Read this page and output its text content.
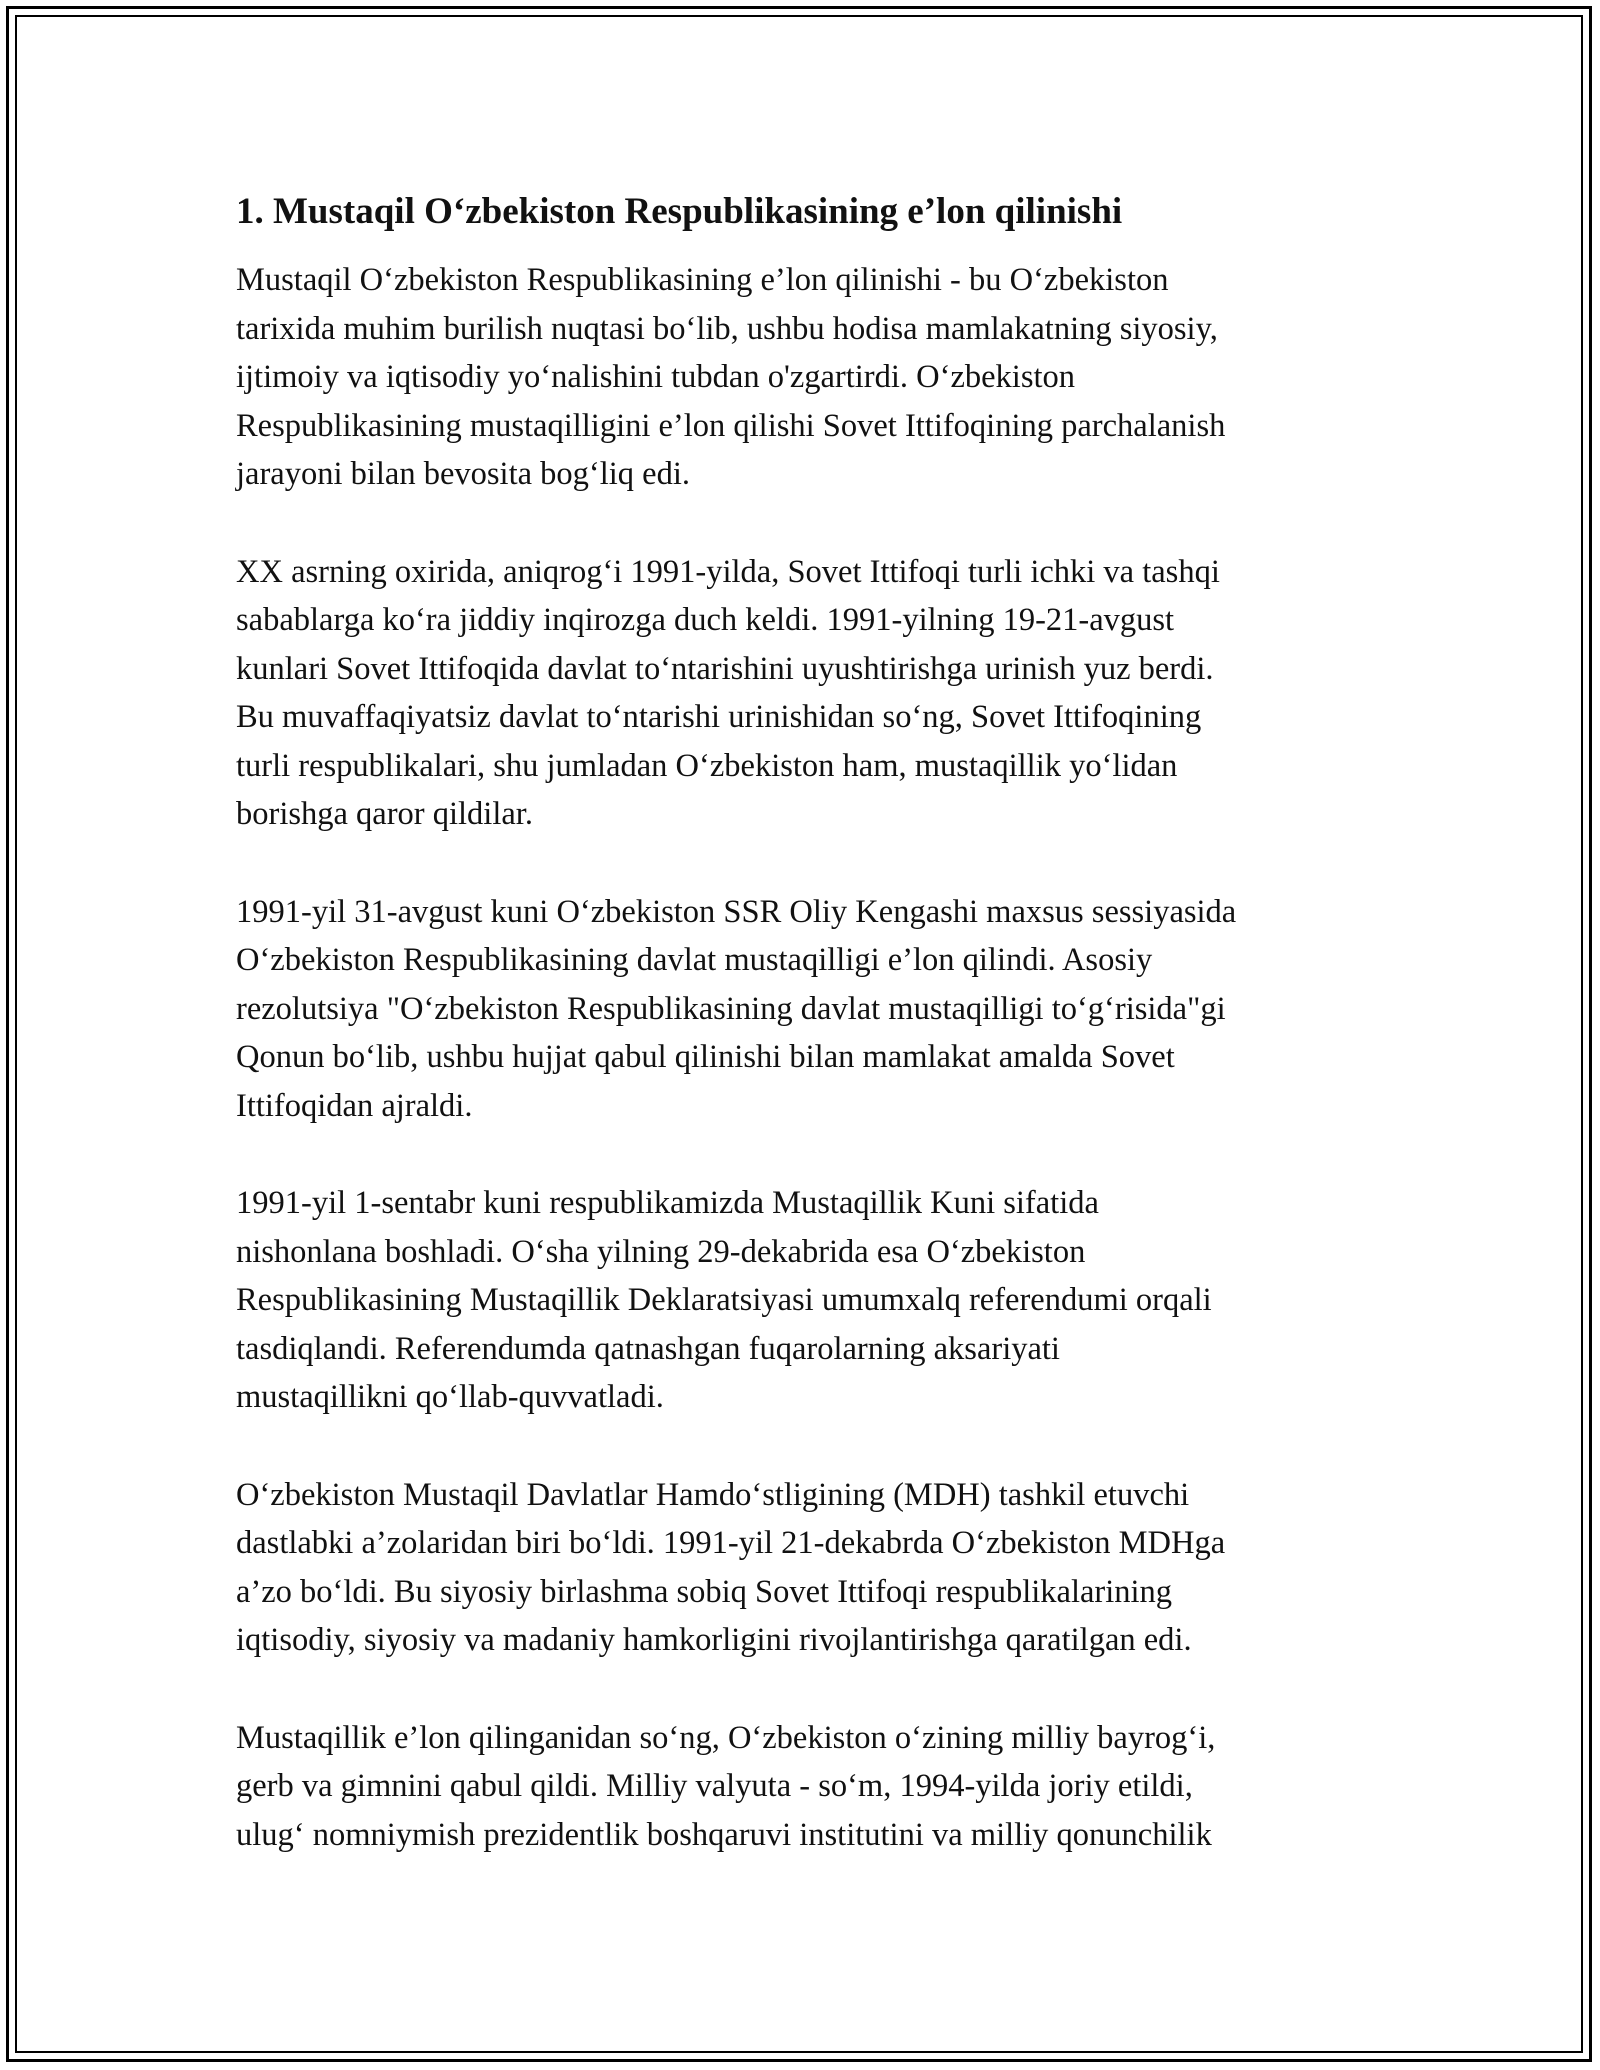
1. Mustaqil O‘zbekiston Respublikasining e’lon qilinishi

Mustaqil O‘zbekiston Respublikasining e’lon qilinishi - bu O‘zbekiston
tarixida muhim burilish nuqtasi bo‘lib, ushbu hodisa mamlakatning siyosiy,
ijtimoiy va iqtisodiy yo‘nalishini tubdan o'zgartirdi. O‘zbekiston
Respublikasining mustaqilligini e’lon qilishi Sovet Ittifoqining parchalanish
jarayoni bilan bevosita bog‘liq edi.

XX asrning oxirida, aniqrog‘i 1991-yilda, Sovet Ittifoqi turli ichki va tashqi
sabablarga ko‘ra jiddiy inqirozga duch keldi. 1991-yilning 19-21-avgust
kunlari Sovet Ittifoqida davlat to‘ntarishini uyushtirishga urinish yuz berdi.
Bu muvaffaqiyatsiz davlat to‘ntarishi urinishidan so‘ng, Sovet Ittifoqining
turli respublikalari, shu jumladan O‘zbekiston ham, mustaqillik yo‘lidan
borishga qaror qildilar.

1991-yil 31-avgust kuni O‘zbekiston SSR Oliy Kengashi maxsus sessiyasida
O‘zbekiston Respublikasining davlat mustaqilligi e’lon qilindi. Asosiy
rezolutsiya "O‘zbekiston Respublikasining davlat mustaqilligi to‘g‘risida"gi
Qonun bo‘lib, ushbu hujjat qabul qilinishi bilan mamlakat amalda Sovet
Ittifoqidan ajraldi.

1991-yil 1-sentabr kuni respublikamizda Mustaqillik Kuni sifatida
nishonlana boshladi. O‘sha yilning 29-dekabrida esa O‘zbekiston
Respublikasining Mustaqillik Deklaratsiyasi umumxalq referendumi orqali
tasdiqlandi. Referendumda qatnashgan fuqarolarning aksariyati
mustaqillikni qo‘llab-quvvatladi.

O‘zbekiston Mustaqil Davlatlar Hamdo‘stligining (MDH) tashkil etuvchi
dastlabki a’zolaridan biri bo‘ldi. 1991-yil 21-dekabrda O‘zbekiston MDHga
a’zo bo‘ldi. Bu siyosiy birlashma sobiq Sovet Ittifoqi respublikalarining
iqtisodiy, siyosiy va madaniy hamkorligini rivojlantirishga qaratilgan edi.

Mustaqillik e’lon qilinganidan so‘ng, O‘zbekiston o‘zining milliy bayrog‘i,
gerb va gimnini qabul qildi. Milliy valyuta - so‘m, 1994-yilda joriy etildi,
ulug‘ nomniymish prezidentlik boshqaruvi institutini va milliy qonunchilik
